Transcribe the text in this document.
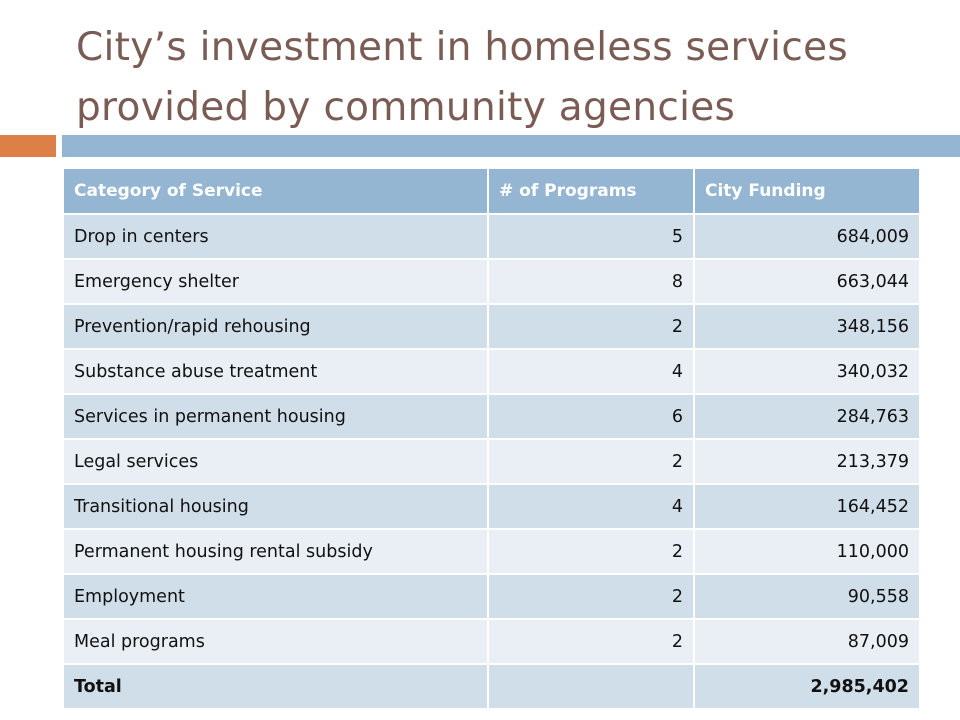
City’s investment in homeless services
provided by community agencies
Category of Service	# of Programs	City Funding
Drop in centers	5	684,009
Emergency shelter	8	663,044
Prevention/rapid rehousing	2	348,156
Substance abuse treatment	4	340,032
Services in permanent housing	6	284,763
Legal services	2	213,379
Transitional housing	4	164,452
Permanent housing rental subsidy	2	110,000
Employment	2	90,558
Meal programs	2	87,009
Total		2,985,402
